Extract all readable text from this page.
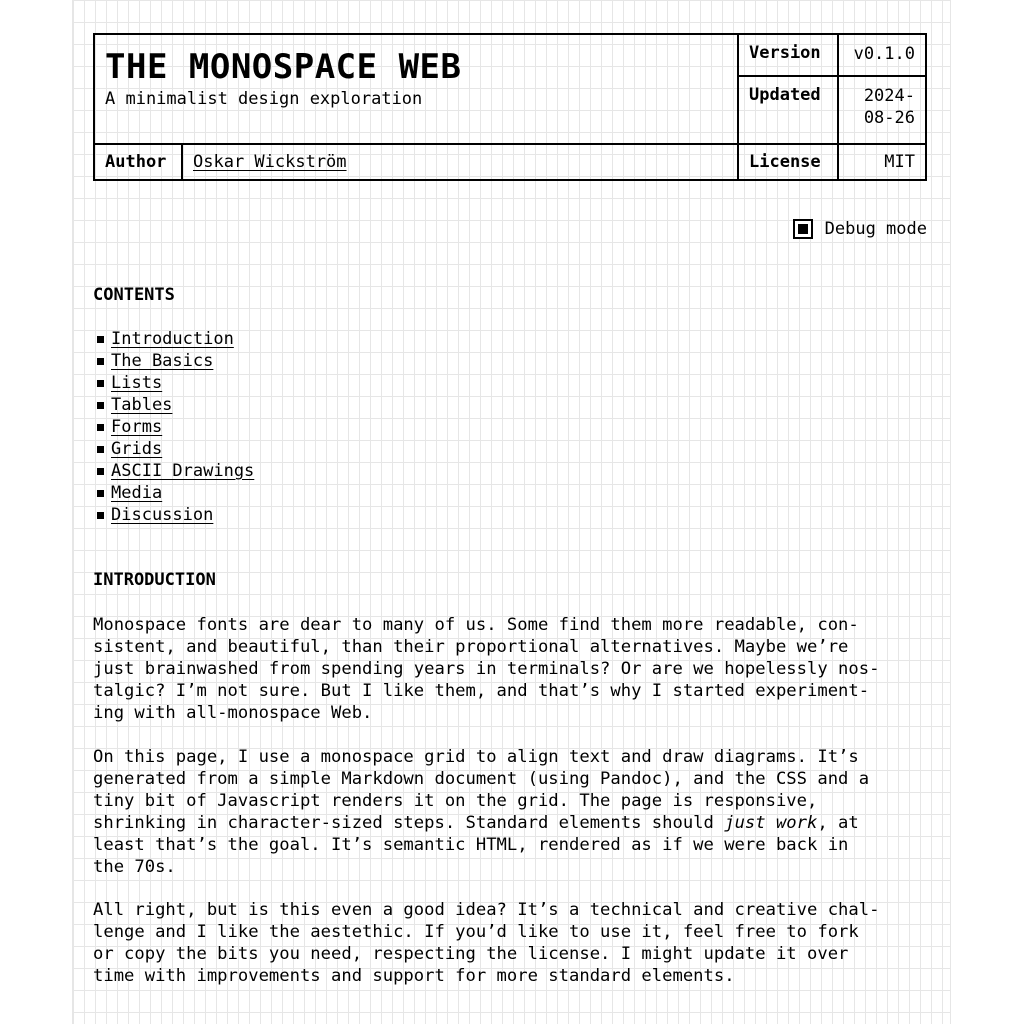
THE MONOSPACE WEB
A minimalist design exploration		Version	v0.1.0
		Updated	2024-
08-26

Author	Oskar Wickström	License	MIT
Debug mode
CONTENTS
Introduction
The Basics
Lists
Tables
Forms
Grids
ASCII Drawings
Media
Discussion
INTRODUCTION
Monospace fonts are dear to many of us. Some find them more readable, con-
sistent, and beautiful, than their proportional alternatives. Maybe we’re
just brainwashed from spending years in terminals? Or are we hopelessly nos-
talgic? I’m not sure. But I like them, and that’s why I started experiment-
ing with all-monospace Web.
On this page, I use a monospace grid to align text and draw diagrams. It’s
generated from a simple Markdown document (using Pandoc), and the CSS and a
tiny bit of Javascript renders it on the grid. The page is responsive,
shrinking in character-sized steps. Standard elements should just work, at
least that’s the goal. It’s semantic HTML, rendered as if we were back in
the 70s.
All right, but is this even a good idea? It’s a technical and creative chal-
lenge and I like the aestethic. If you’d like to use it, feel free to fork
or copy the bits you need, respecting the license. I might update it over
time with improvements and support for more standard elements.
